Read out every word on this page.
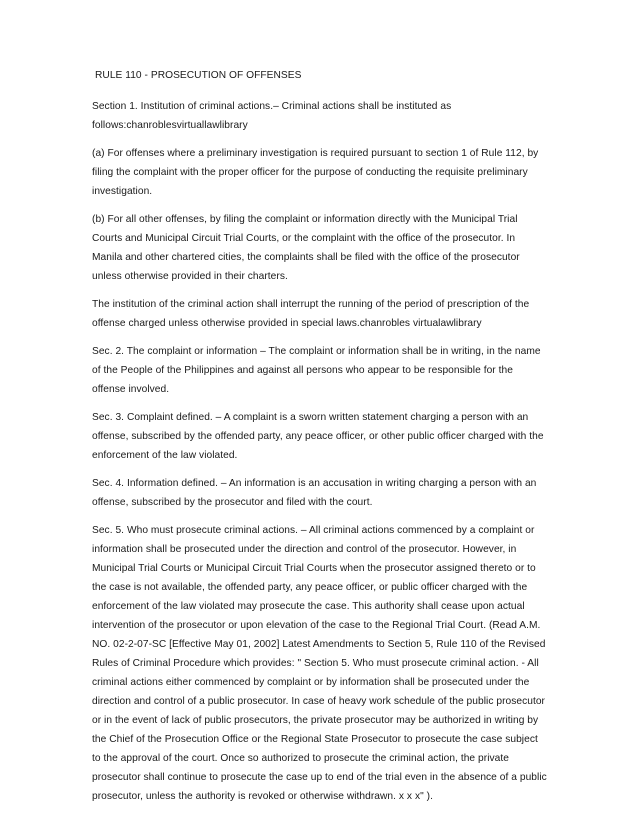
RULE 110 - PROSECUTION OF OFFENSES

Section 1. Institution of criminal actions.– Criminal actions shall be instituted as follows:chanroblesvirtuallawlibrary

(a) For offenses where a preliminary investigation is required pursuant to section 1 of Rule 112, by filing the complaint with the proper officer for the purpose of conducting the requisite preliminary investigation.

(b) For all other offenses, by filing the complaint or information directly with the Municipal Trial Courts and Municipal Circuit Trial Courts, or the complaint with the office of the prosecutor. In Manila and other chartered cities, the complaints shall be filed with the office of the prosecutor unless otherwise provided in their charters.

The institution of the criminal action shall interrupt the running of the period of prescription of the offense charged unless otherwise provided in special laws.chanrobles virtualawlibrary

Sec. 2. The complaint or information – The complaint or information shall be in writing, in the name of the People of the Philippines and against all persons who appear to be responsible for the offense involved.

Sec. 3. Complaint defined. – A complaint is a sworn written statement charging a person with an offense, subscribed by the offended party, any peace officer, or other public officer charged with the enforcement of the law violated.

Sec. 4. Information defined. – An information is an accusation in writing charging a person with an offense, subscribed by the prosecutor and filed with the court.

Sec. 5. Who must prosecute criminal actions. – All criminal actions commenced by a complaint or information shall be prosecuted under the direction and control of the prosecutor. However, in Municipal Trial Courts or Municipal Circuit Trial Courts when the prosecutor assigned thereto or to the case is not available, the offended party, any peace officer, or public officer charged with the enforcement of the law violated may prosecute the case. This authority shall cease upon actual intervention of the prosecutor or upon elevation of the case to the Regional Trial Court. (Read A.M. NO. 02-2-07-SC [Effective May 01, 2002] Latest Amendments to Section 5, Rule 110 of the Revised Rules of Criminal Procedure which provides: " Section 5. Who must prosecute criminal action. - All criminal actions either commenced by complaint or by information shall be prosecuted under the direction and control of a public prosecutor. In case of heavy work schedule of the public prosecutor or in the event of lack of public prosecutors, the private prosecutor may be authorized in writing by the Chief of the Prosecution Office or the Regional State Prosecutor to prosecute the case subject to the approval of the court. Once so authorized to prosecute the criminal action, the private prosecutor shall continue to prosecute the case up to end of the trial even in the absence of a public prosecutor, unless the authority is revoked or otherwise withdrawn. x x x" ).
